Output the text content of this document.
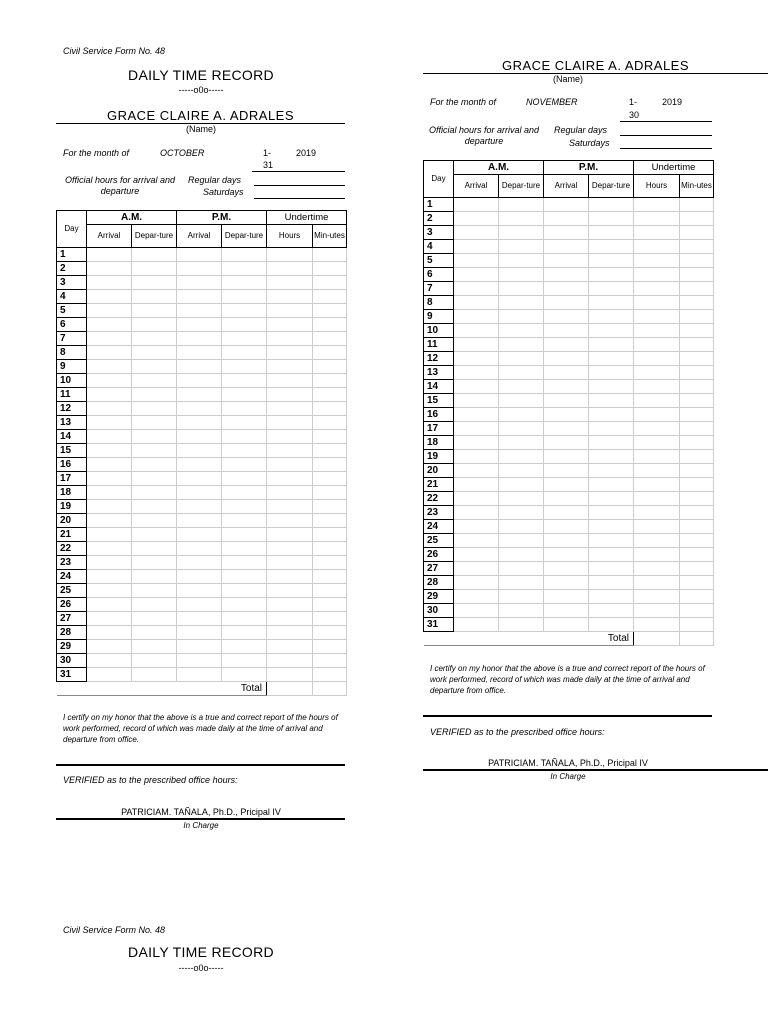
Civil Service Form No. 48
DAILY TIME RECORD
-----o0o-----
GRACE CLAIRE A. ADRALES
(Name)
For the month of	OCTOBER	1-	2019
31
Official hours for arrival and departure
Regular days
Saturdays
Day	A.M.		P.M.		Undertime	
	Arrival	Depar-ture	Arrival	Depar-ture	Hours	Min-utes
1						
2						
3						
4						
5						
6						
7						
8						
9						
10						
11						
12						
13						
14						
15						
16						
17						
18						
19						
20						
21						
22						
23						
24						
25						
26						
27						
28						
29						
30						
31						
Total						
I certify on my honor that the above is a true and correct report of the hours of work performed, record of which was made daily at the time of arrival and departure from office.
VERIFIED as to the prescribed office hours:
PATRICIAM. TAÑALA, Ph.D., Pricipal IV
In Charge
GRACE CLAIRE A. ADRALES
(Name)
For the month of	NOVEMBER	1-	2019
30
Official hours for arrival and departure
Regular days
Saturdays
Day	A.M.		P.M.		Undertime	
	Arrival	Depar-ture	Arrival	Depar-ture	Hours	Min-utes
1						
2						
3						
4						
5						
6						
7						
8						
9						
10						
11						
12						
13						
14						
15						
16						
17						
18						
19						
20						
21						
22						
23						
24						
25						
26						
27						
28						
29						
30						
31						
Total						
I certify on my honor that the above is a true and correct report of the hours of work performed, record of which was made daily at the time of arrival and departure from office.
VERIFIED as to the prescribed office hours:
PATRICIAM. TAÑALA, Ph.D., Pricipal IV
In Charge
Civil Service Form No. 48
DAILY TIME RECORD
-----o0o-----
